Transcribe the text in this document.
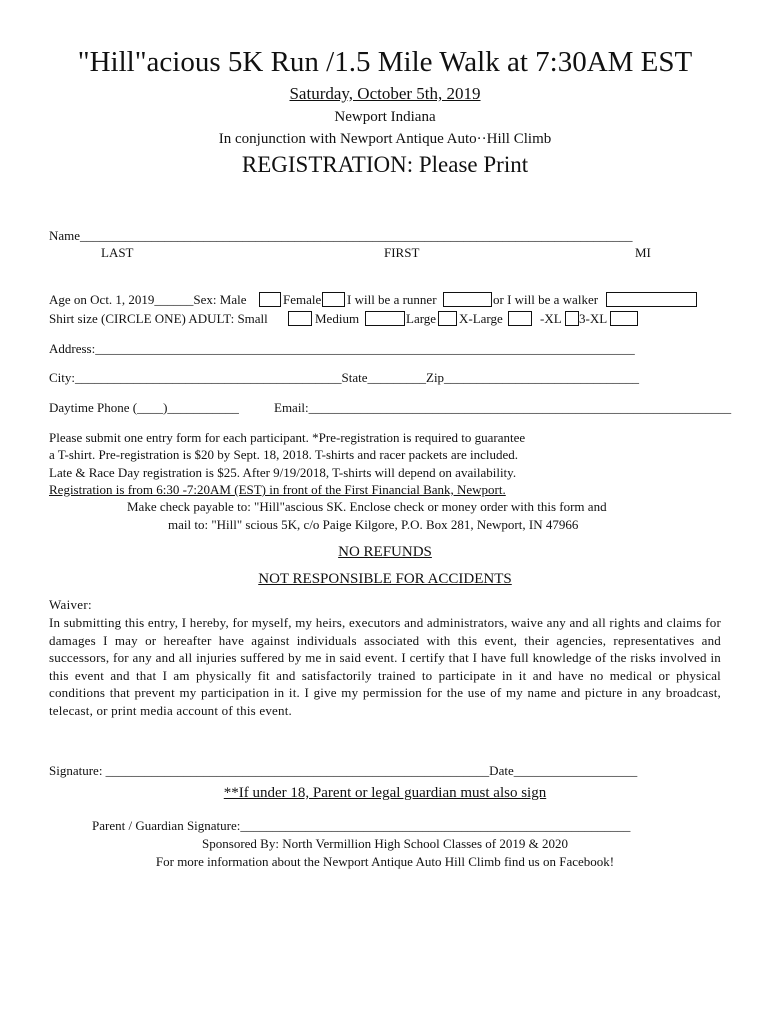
"Hill"acious 5K Run /1.5 Mile Walk at 7:30AM EST
Saturday, October 5th, 2019
Newport Indiana
In conjunction with Newport Antique Auto··Hill Climb
REGISTRATION: Please Print
Name_____________________________________________________________________________________
LAST	FIRST	MI
Age on Oct. 1, 2019______Sex: Male	Female I will be a runner	or I will be a walker
Shirt size (CIRCLE ONE) ADULT: Small	Medium	Large X-Large	-XL 3-XL
Address:___________________________________________________________________________________
City:_________________________________________State_________Zip______________________________
Daytime Phone (____)___________	Email:_________________________________________________________________
Please submit one entry form for each participant. *Pre-registration is required to guarantee
a T-shirt. Pre-registration is $20 by Sept. 18, 2018. T-shirts and racer packets are included.
Late & Race Day registration is $25. After 9/19/2018, T-shirts will depend on availability.
Registration is from 6:30 -7:20AM (EST) in front of the First Financial Bank, Newport.
Make check payable to: "Hill"ascious SK. Enclose check or money order with this form and
mail to: "Hill" scious 5K, c/o Paige Kilgore, P.O. Box 281, Newport, IN 47966
NO REFUNDS
NOT RESPONSIBLE FOR ACCIDENTS
Waiver:
In submitting this entry, I hereby, for myself, my heirs, executors and administrators, waive any and all rights and claims for damages I may or hereafter have against individuals associated with this event, their agencies, representatives and successors, for any and all injuries suffered by me in said event. I certify that I have full knowledge of the risks involved in this event and that I am physically fit and satisfactorily trained to participate in it and have no medical or physical conditions that prevent my participation in it. I give my permission for the use of my name and picture in any broadcast, telecast, or print media account of this event.
Signature: ___________________________________________________________Date___________________
**If under 18, Parent or legal guardian must also sign
Parent / Guardian Signature:____________________________________________________________
Sponsored By: North Vermillion High School Classes of 2019 & 2020
For more information about the Newport Antique Auto Hill Climb find us on Facebook!
